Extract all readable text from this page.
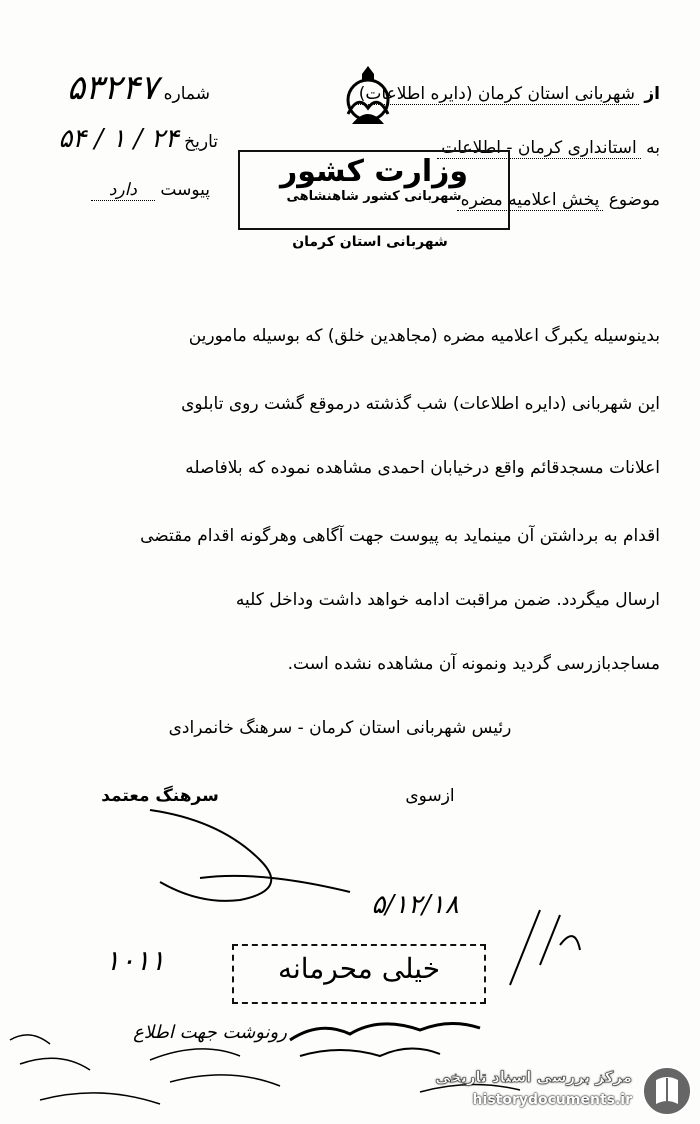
از شهربانی استان کرمان (دایره اطلاعات)
شماره ۵۳۲۴۷
به استانداری کرمان - اطلاعات
تاریخ ۲۴ / ۱ / ۵۴
موضوع پخش اعلامیه مضره
پیوست دارد
وزارت کشور
شهربانی کشور شاهنشاهی
شهربانی استان کرمان
بدینوسیله یکبرگ اعلامیه مضره (مجاهدین خلق) که بوسیله مامورین
این شهربانی (دایره اطلاعات) شب گذشته درموقع گشت روی تابلوی
اعلانات مسجدقائم واقع درخیابان احمدی مشاهده نموده که بلافاصله
اقدام به برداشتن آن مینماید به پیوست جهت آگاهی وهرگونه اقدام مقتضی
ارسال میگردد. ضمن مراقبت ادامه خواهد داشت وداخل کلیه
مساجدبازرسی گردید ونمونه آن مشاهده نشده است.
رئیس شهربانی استان کرمان - سرهنگ خانمرادی
ازسوی
سرهنگ معتمد
۵/۱۲/۱۸
۱۰۱۱	خیلی محرمانه
رونوشت جهت اطلاع
مرکز بررسی اسناد تاریخی
historydocuments.ir
